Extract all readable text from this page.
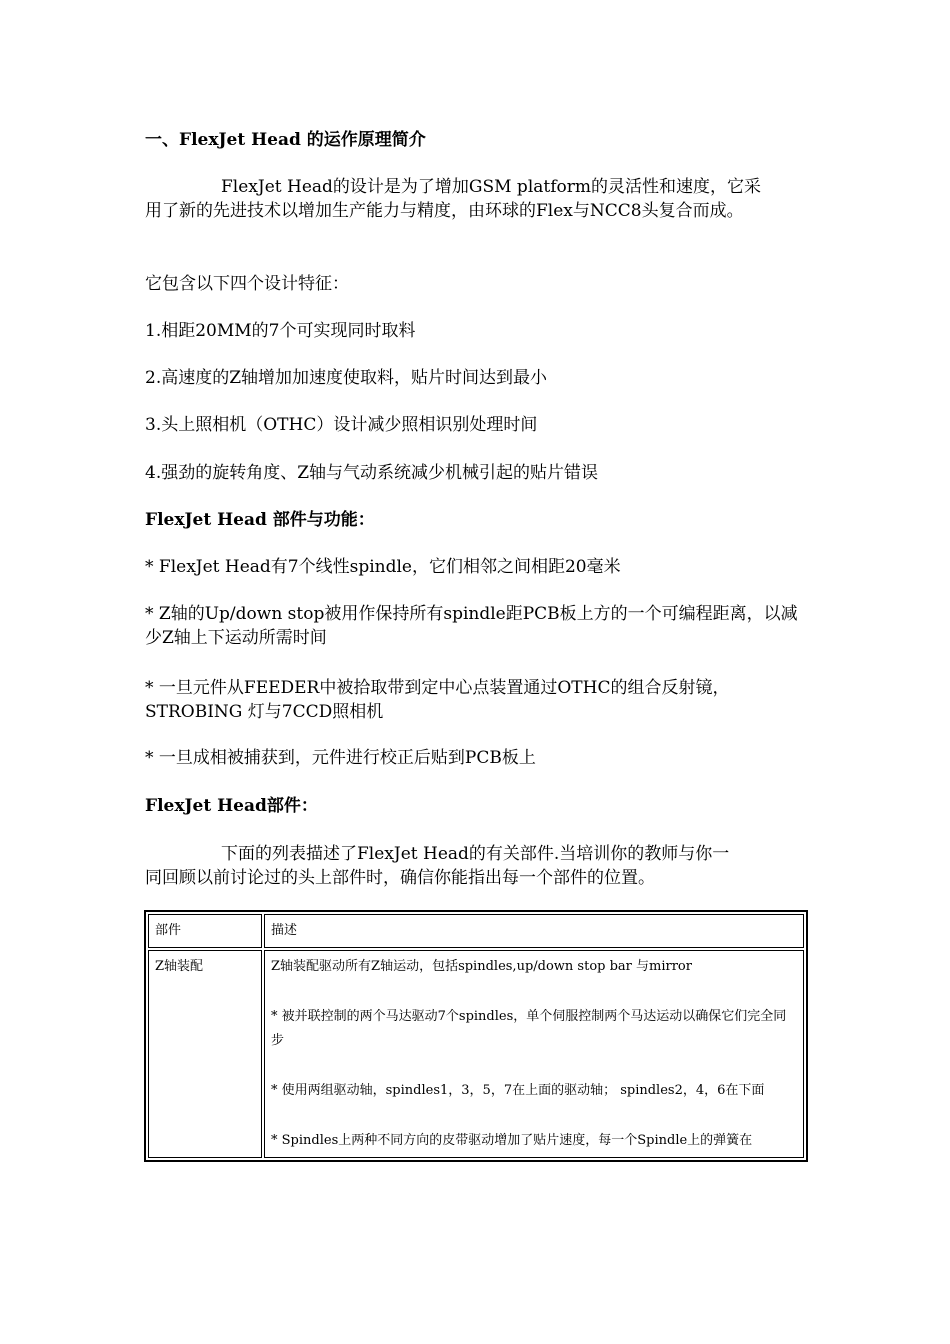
一、FlexJet Head 的运作原理简介

FlexJet Head的设计是为了增加GSM platform的灵活性和速度，它采
用了新的先进技术以增加生产能力与精度，由环球的Flex与NCC8头复合而成。

它包含以下四个设计特征：

1.相距20MM的7个可实现同时取料

2.高速度的Z轴增加加速度使取料，贴片时间达到最小

3.头上照相机（OTHC）设计减少照相识别处理时间

4.强劲的旋转角度、Z轴与气动系统减少机械引起的贴片错误

FlexJet Head 部件与功能：

* FlexJet Head有7个线性spindle，它们相邻之间相距20毫米

* Z轴的Up/down stop被用作保持所有spindle距PCB板上方的一个可编程距离，以减少Z轴上下运动所需时间

* 一旦元件从FEEDER中被拾取带到定中心点装置通过OTHC的组合反射镜，STROBING 灯与7CCD照相机

* 一旦成相被捕获到，元件进行校正后贴到PCB板上

FlexJet Head部件：

下面的列表描述了FlexJet Head的有关部件.当培训你的教师与你一
同回顾以前讨论过的头上部件时，确信你能指出每一个部件的位置。
部件	描述
Z轴装配	Z轴装配驱动所有Z轴运动，包括spindles,up/down stop bar 与mirror

* 被并联控制的两个马达驱动7个spindles，单个伺服控制两个马达运动以确保它们完全同步

* 使用两组驱动轴，spindles1，3，5，7在上面的驱动轴； spindles2，4，6在下面

* Spindles上两种不同方向的皮带驱动增加了贴片速度，每一个Spindle上的弹簧在
